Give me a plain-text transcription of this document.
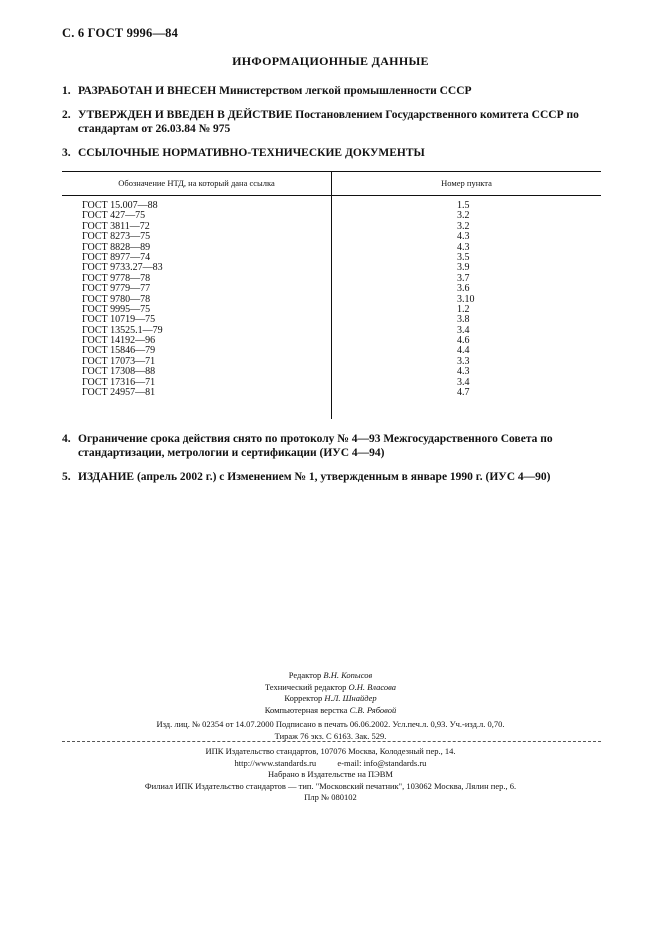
С. 6 ГОСТ 9996—84
ИНФОРМАЦИОННЫЕ ДАННЫЕ
1. РАЗРАБОТАН И ВНЕСЕН Министерством легкой промышленности СССР
2. УТВЕРЖДЕН И ВВЕДЕН В ДЕЙСТВИЕ Постановлением Государственного комитета СССР по
стандартам от 26.03.84 № 975
3. ССЫЛОЧНЫЕ НОРМАТИВНО-ТЕХНИЧЕСКИЕ ДОКУМЕНТЫ
Обозначение НТД, на который дана ссылка	Номер пункта
ГОСТ 15.007—88	1.5
ГОСТ 427—75	3.2
ГОСТ 3811—72	3.2
ГОСТ 8273—75	4.3
ГОСТ 8828—89	4.3
ГОСТ 8977—74	3.5
ГОСТ 9733.27—83	3.9
ГОСТ 9778—78	3.7
ГОСТ 9779—77	3.6
ГОСТ 9780—78	3.10
ГОСТ 9995—75	1.2
ГОСТ 10719—75	3.8
ГОСТ 13525.1—79	3.4
ГОСТ 14192—96	4.6
ГОСТ 15846—79	4.4
ГОСТ 17073—71	3.3
ГОСТ 17308—88	4.3
ГОСТ 17316—71	3.4
ГОСТ 24957—81	4.7
4. Ограничение срока действия снято по протоколу № 4—93 Межгосударственного Совета по
стандартизации, метрологии и сертификации (ИУС 4—94)
5. ИЗДАНИЕ (апрель 2002 г.) с Изменением № 1, утвержденным в январе 1990 г. (ИУС 4—90)
Редактор В.Н. Копысов
Технический редактор О.Н. Власова
Корректор Н.Л. Шнайдер
Компьютерная верстка С.В. Рябовой
Изд. лиц. № 02354 от 14.07.2000 Подписано в печать 06.06.2002. Усл.печ.л. 0,93. Уч.-изд.л. 0,70.
Тираж 76 экз. С 6163. Зак. 529.
ИПК Издательство стандартов, 107076 Москва, Колодезный пер., 14.
http://www.standards.ru	e-mail: info@standards.ru
Набрано в Издательстве на ПЭВМ
Филиал ИПК Издательство стандартов — тип. "Московский печатник", 103062 Москва, Лялин пер., 6.
Плр № 080102
